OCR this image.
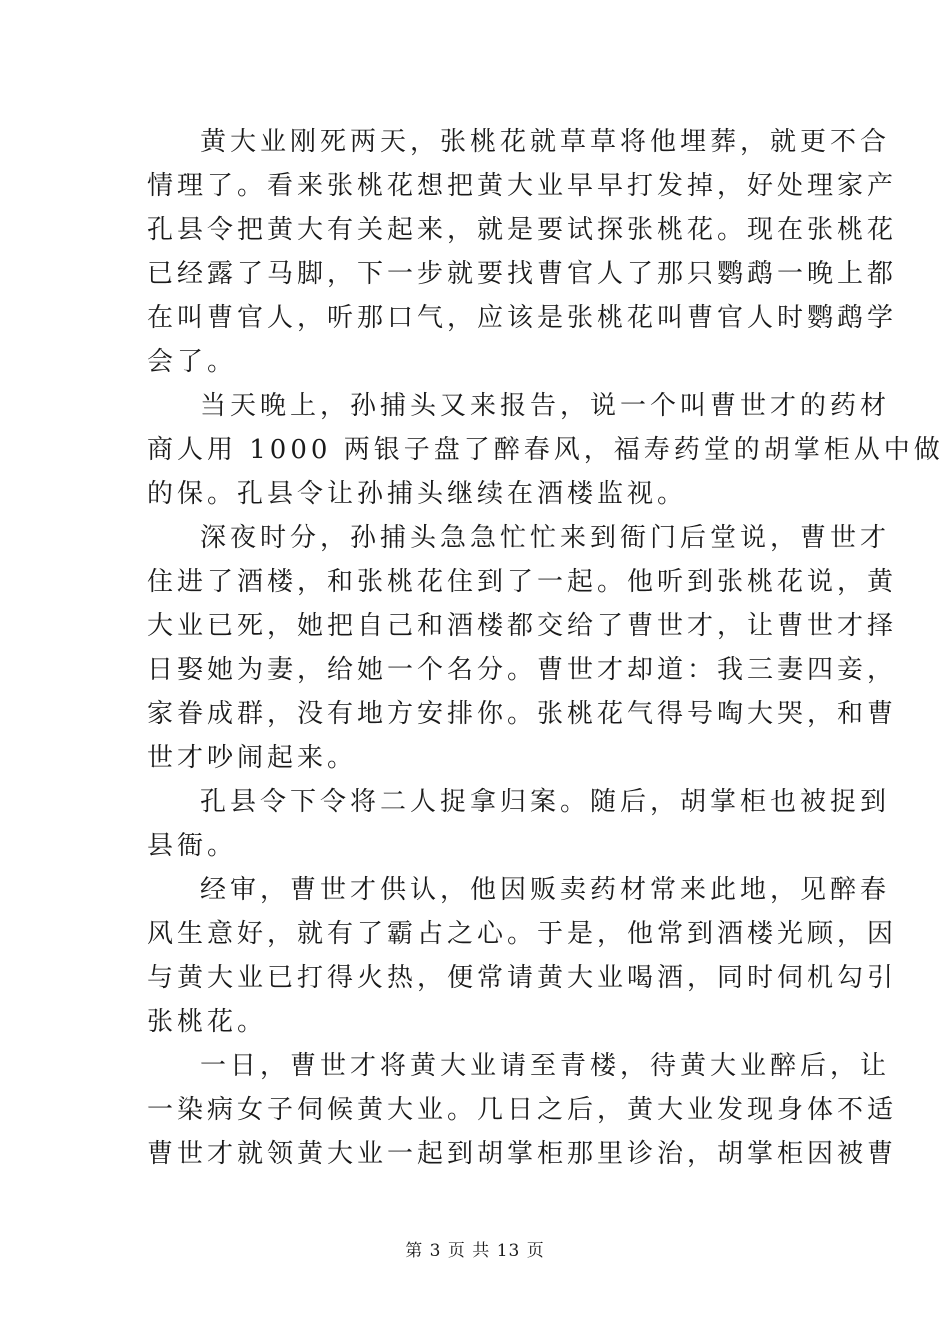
黄大业刚死两天，张桃花就草草将他埋葬，就更不合
情理了。看来张桃花想把黄大业早早打发掉，好处理家产
孔县令把黄大有关起来，就是要试探张桃花。现在张桃花
已经露了马脚，下一步就要找曹官人了那只鹦鹉一晚上都
在叫曹官人，听那口气，应该是张桃花叫曹官人时鹦鹉学
会了。

当天晚上，孙捕头又来报告，说一个叫曹世才的药材
商人用 1000 两银子盘了醉春风，福寿药堂的胡掌柜从中做
的保。孔县令让孙捕头继续在酒楼监视。

深夜时分，孙捕头急急忙忙来到衙门后堂说，曹世才
住进了酒楼，和张桃花住到了一起。他听到张桃花说，黄
大业已死，她把自己和酒楼都交给了曹世才，让曹世才择
日娶她为妻，给她一个名分。曹世才却道：我三妻四妾，
家眷成群，没有地方安排你。张桃花气得号啕大哭，和曹
世才吵闹起来。

孔县令下令将二人捉拿归案。随后，胡掌柜也被捉到
县衙。

经审，曹世才供认，他因贩卖药材常来此地，见醉春
风生意好，就有了霸占之心。于是，他常到酒楼光顾，因
与黄大业已打得火热，便常请黄大业喝酒，同时伺机勾引
张桃花。

一日，曹世才将黄大业请至青楼，待黄大业醉后，让
一染病女子伺候黄大业。几日之后，黄大业发现身体不适
曹世才就领黄大业一起到胡掌柜那里诊治，胡掌柜因被曹

第 3 页 共 13 页
